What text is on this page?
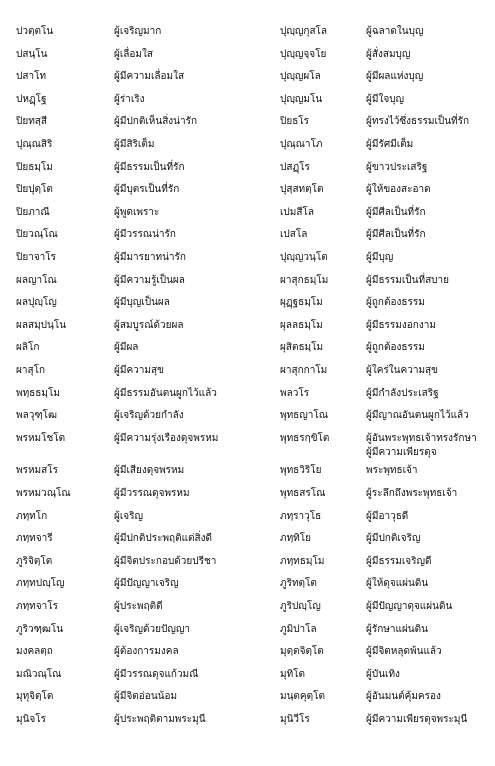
ปวตฺตโน	ผู้เจริญมาก	ปุญฺญกุสโล	ผู้ฉลาดในบุญ
ปสนฺโน	ผู้เลื่อมใส	ปุญฺญจฺจโย	ผู้สั่งสมบุญ
ปสาโท	ผู้มีความเลื่อมใส	ปุญฺญผโล	ผู้มีผลแห่งบุญ
ปหฏฺโฐ	ผู้ร่าเริง	ปุญฺญมโน	ผู้มีใจบุญ
ปิยทสฺสี	ผู้มีปกติเห็นสิ่งน่ารัก	ปิยธโร	ผู้ทรงไว้ซึ่งธรรมเป็นที่รัก
ปุณฺณสิริ	ผู้มีสิริเต็ม	ปุณฺณาโภ	ผู้มีรัศมีเต็ม
ปิยธมฺโม	ผู้มีธรรมเป็นที่รัก	ปสฏฺโร	ผู้ขาวประเสริฐ
ปิยปุตฺโต	ผู้มีบุตรเป็นที่รัก	ปุสฺสทตฺโต	ผู้ให้ของสะอาด
ปิยภาณี	ผู้พูดเพราะ	เปมสีโล	ผู้มีศีลเป็นที่รัก
ปิยวณฺโณ	ผู้มีวรรณน่ารัก	เปสโล	ผู้มีศีลเป็นที่รัก
ปิยาจาโร	ผู้มีมารยาทน่ารัก	ปุญฺญวนฺโต	ผู้มีบุญ
ผลญาโณ	ผู้มีความรู้เป็นผล	ผาสุกธมฺโม	ผู้มีธรรมเป็นที่สบาย
ผลปุญฺโญ	ผู้มีบุญเป็นผล	ผุฏฺฐธมฺโม	ผู้ถูกต้องธรรม
ผลสมฺปนฺโน	ผู้สมบูรณ์ด้วยผล	ผุลลธมฺโม	ผู้มีธรรมงอกงาม
ผลิโก	ผู้มีผล	ผุสิตธมฺโม	ผู้ถูกต้องธรรม
ผาสุโก	ผู้มีความสุข	ผาสุกกาโม	ผู้ใคร่ในความสุข
พทฺธธมฺโม	ผู้มีธรรมอันตนผูกไว้แล้ว	พลวโร	ผู้มีกำลังประเสริฐ
พลวุฑฺโฒ	ผู้เจริญด้วยกำลัง	พุทธญาโณ	ผู้มีญาณอันตนผูกไว้แล้ว
พรหมโชโต	ผู้มีความรุ่งเรืองดุจพรหม	พุทธรกฺขิโต	ผู้อันพระพุทธเจ้าทรงรักษา
ผู้มีความเพียรดุจ
พรหมสโร	ผู้มีเสียงดุจพรหม	พุทธวิริโย	พระพุทธเจ้า
พรหมวณฺโณ	ผู้มีวรรณดุจพรหม	พุทธสรโณ	ผู้ระลึกถึงพระพุทธเจ้า
ภทฺทโก	ผู้เจริญ	ภทฺราวุโธ	ผู้มีอาวุธดี
ภทฺทจารี	ผู้มีปกติประพฤติแต่สิ่งดี	ภทฺทิโย	ผู้มีปกติเจริญ
ภูริจิตฺโต	ผู้มีจิตประกอบด้วยปรีชา	ภทฺทธมฺโม	ผู้มีธรรมเจริญดี
ภทฺทปญฺโญ	ผู้มีปัญญาเจริญ	ภูริทตฺโต	ผู้ให้ดุจแผ่นดิน
ภทฺทจาโร	ผู้ประพฤติดี	ภูริปญฺโญ	ผู้มีปัญญาดุจแผ่นดิน
ภูริวฑฺฒโน	ผู้เจริญด้วยปัญญา	ภูมิปาโล	ผู้รักษาแผ่นดิน
มงคลตฺถ	ผู้ต้องการมงคล	มุตฺตจิตฺโต	ผู้มีจิตหลุดพ้นแล้ว
มณิวณฺโณ	ผู้มีวรรณดุจแก้วมณี	มุทิโต	ผู้บันเทิง
มุทุจิตฺโต	ผู้มีจิตอ่อนน้อม	มนฺตคุตฺโต	ผู้อันมนต์คุ้มครอง
มุนิจโร	ผู้ประพฤติตามพระมุนี	มุนิวีโร	ผู้มีความเพียรดุจพระมุนี
